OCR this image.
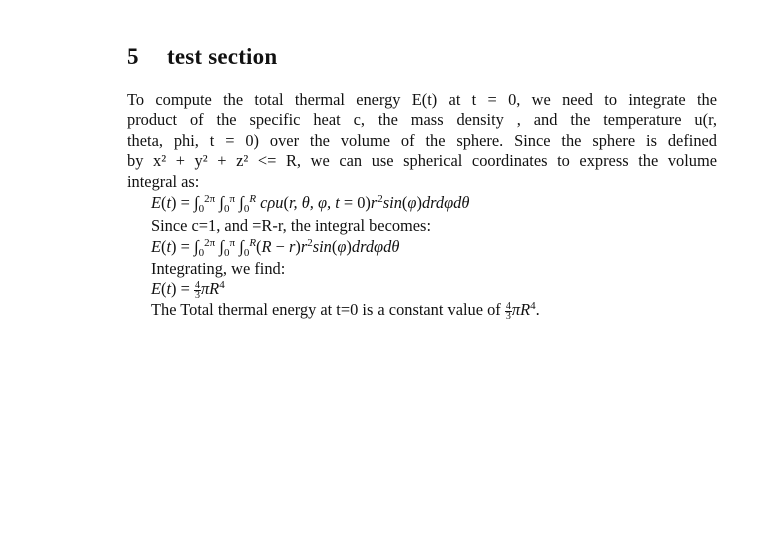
5 test section
To compute the total thermal energy E(t) at t = 0, we need to integrate the
product of the specific heat c, the mass density , and the temperature u(r,
theta, phi, t = 0) over the volume of the sphere. Since the sphere is defined
by x² + y² + z² <= R, we can use spherical coordinates to express the volume
integral as:
$E(t) = \int_0^{2\pi}$ $\int_0^\pi$ $\int_0^R$ cρu(r, θ, φ, $t = 0)r^2\sin(\varphi)drd\varphi d\theta$
Since c=1, and =R-r, the integral becomes:
$E(t) = \int_0^{2\pi}$ $\int_0^\pi$ $\int_0^R(R - r)r^2\sin(\varphi)drd\varphi d\theta$
Integrating, we find:
$E(t) = \frac{4}{3} \pi R^4$
The Total thermal energy at t=0 is a constant value of $\frac{4}{3} \pi R^4$.
